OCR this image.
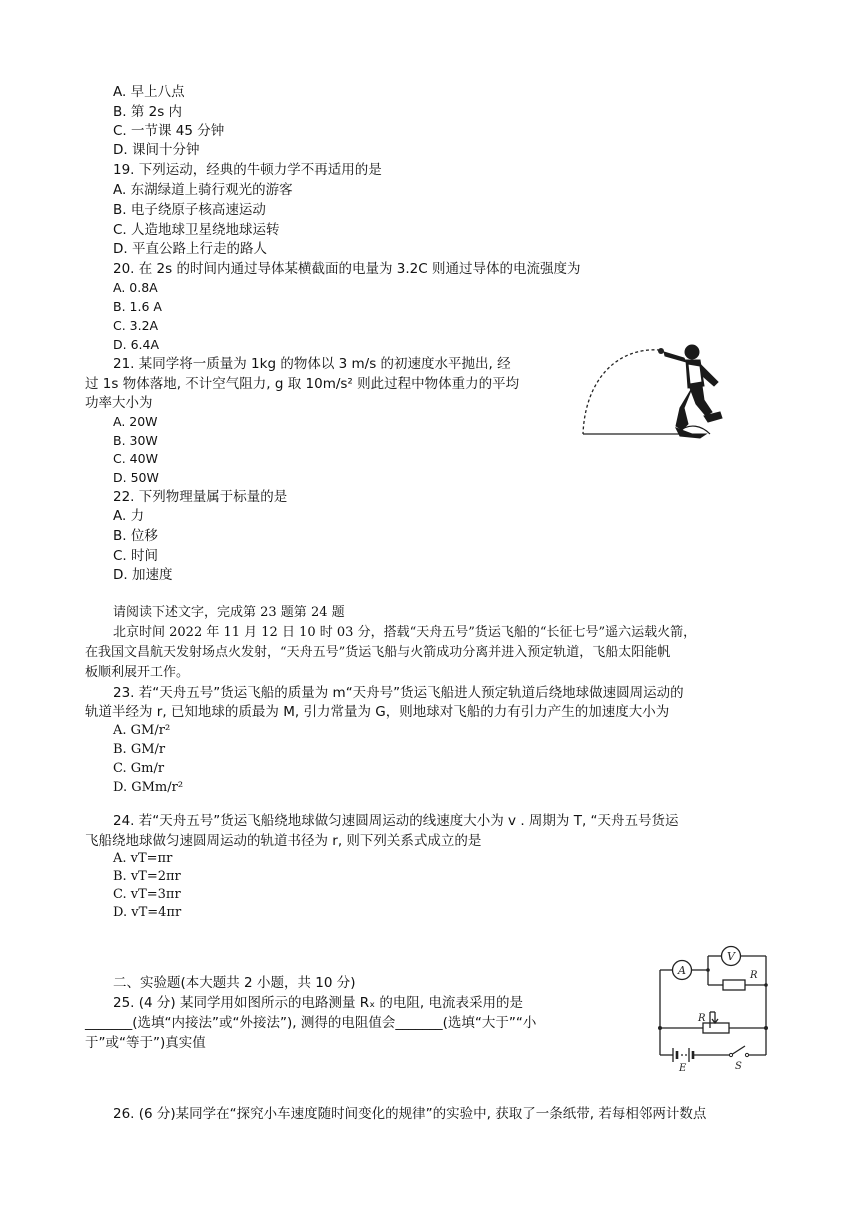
A. 早上八点
B. 第 2s 内
C. 一节课 45 分钟
D. 课间十分钟
19. 下列运动，经典的牛顿力学不再适用的是
A. 东湖绿道上骑行观光的游客
B. 电子绕原子核高速运动
C. 人造地球卫星绕地球运转
D. 平直公路上行走的路人
20. 在 2s 的时间内通过导体某横截面的电量为 3.2C 则通过导体的电流强度为
A. 0.8A
B. 1.6 A
C. 3.2A
D. 6.4A
21. 某同学将一质量为 1kg 的物体以 3 m/s 的初速度水平抛出, 经
过 1s 物体落地, 不计空气阻力, g 取 10m/s² 则此过程中物体重力的平均
功率大小为
A. 20W
B. 30W
C. 40W
D. 50W
22. 下列物理量属于标量的是
A. 力
B. 位移
C. 时间
D. 加速度
请阅读下述文字，完成第 23 题第 24 题
北京时间 2022 年 11 月 12 日 10 时 03 分，搭载“天舟五号”货运飞船的“长征七号”遥六运载火箭，
在我国文昌航天发射场点火发射，“天舟五号”货运飞船与火箭成功分离并进入预定轨道，飞船太阳能帆
板顺利展开工作。
23. 若“天舟五号”货运飞船的质量为 m“天舟号”货运飞船进人预定轨道后绕地球做速圆周运动的
轨道半经为 r, 已知地球的质最为 M, 引力常量为 G，则地球对飞船的力有引力产生的加速度大小为
A. GM/r²
B. GM/r
C. Gm/r
D. GMm/r²
24. 若“天舟五号”货运飞船绕地球做匀速圆周运动的线速度大小为 v . 周期为 T, “天舟五号货运
飞船绕地球做匀速圆周运动的轨道书径为 r, 则下列关系式成立的是
A. vT=πr
B. vT=2πr
C. vT=3πr
D. vT=4πr
二、实验题(本大题共 2 小题，共 10 分)
25. (4 分) 某同学用如图所示的电路测量 Rₓ 的电阻, 电流表采用的是
_______(选填“内接法”或“外接法”), 测得的电阻值会_______(选填“大于”“小
于”或“等于”)真实值
V
A	R
R
E	S
26. (6 分)某同学在“探究小车速度随时间变化的规律”的实验中, 获取了一条纸带, 若每相邻两计数点
